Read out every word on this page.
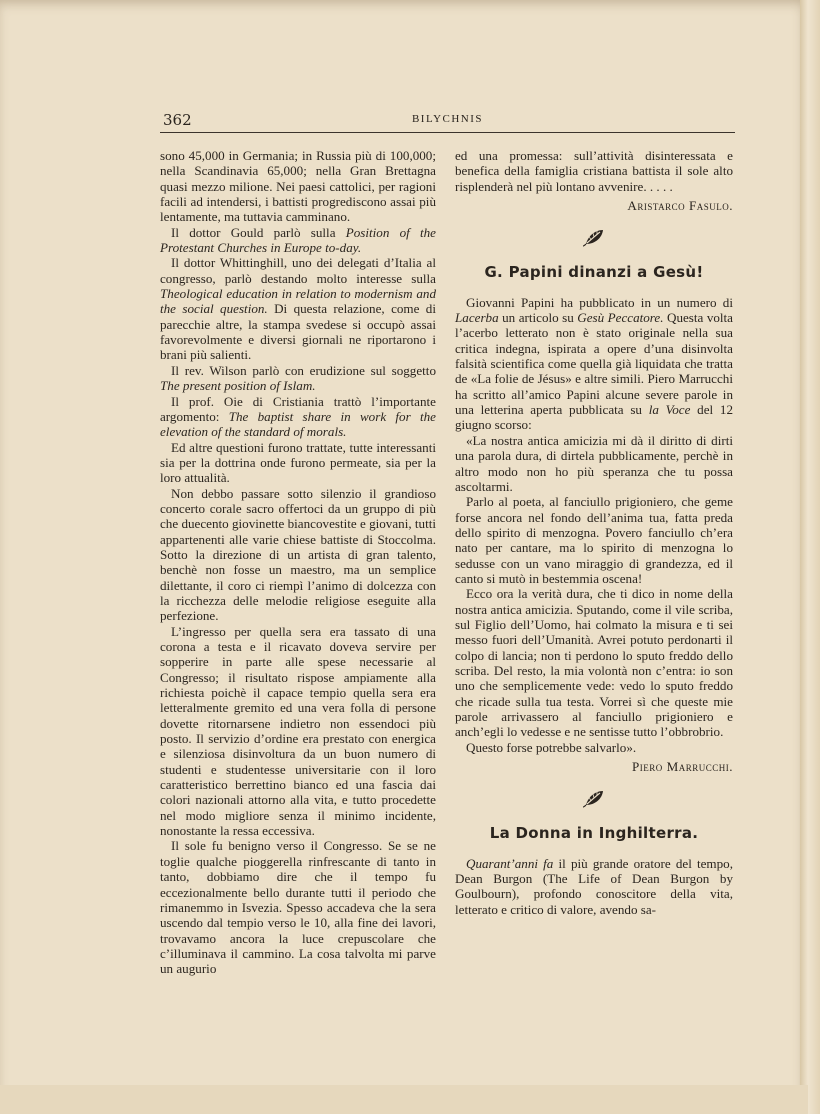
362	BILYCHNIS

sono 45,000 in Germania; in Russia più di 100,000; nella Scandinavia 65,000; nella Gran Brettagna quasi mezzo milione. Nei paesi cattolici, per ragioni facili ad intendersi, i battisti progrediscono assai più lentamente, ma tuttavia camminano.

Il dottor Gould parlò sulla Position of the Protestant Churches in Europe to-day.

Il dottor Whittinghill, uno dei delegati d’Italia al congresso, parlò destando molto interesse sulla Theological education in relation to modernism and the social question. Di questa relazione, come di parecchie altre, la stampa svedese si occupò assai favorevolmente e diversi giornali ne riportarono i brani più salienti.

Il rev. Wilson parlò con erudizione sul soggetto The present position of Islam.

Il prof. Oie di Cristiania trattò l’importante argomento: The baptist share in work for the elevation of the standard of morals.

Ed altre questioni furono trattate, tutte interessanti sia per la dottrina onde furono permeate, sia per la loro attualità.

Non debbo passare sotto silenzio il grandioso concerto corale sacro offertoci da un gruppo di più che duecento giovinette biancovestite e giovani, tutti appartenenti alle varie chiese battiste di Stoccolma. Sotto la direzione di un artista di gran talento, benchè non fosse un maestro, ma un semplice dilettante, il coro ci riempì l’animo di dolcezza con la ricchezza delle melodie religiose eseguite alla perfezione.

L’ingresso per quella sera era tassato di una corona a testa e il ricavato doveva servire per sopperire in parte alle spese necessarie al Congresso; il risultato rispose ampiamente alla richiesta poichè il capace tempio quella sera era letteralmente gremito ed una vera folla di persone dovette ritornarsene indietro non essendoci più posto. Il servizio d’ordine era prestato con energica e silenziosa disinvoltura da un buon numero di studenti e studentesse universitarie con il loro caratteristico berrettino bianco ed una fascia dai colori nazionali attorno alla vita, e tutto procedette nel modo migliore senza il minimo incidente, nonostante la ressa eccessiva.

Il sole fu benigno verso il Congresso. Se se ne toglie qualche pioggerella rinfrescante di tanto in tanto, dobbiamo dire che il tempo fu eccezionalmente bello durante tutti il periodo che rimanemmo in Isvezia. Spesso accadeva che la sera uscendo dal tempio verso le 10, alla fine dei lavori, trovavamo ancora la luce crepuscolare che c’illuminava il cammino. La cosa talvolta mi parve un augurio

ed una promessa: sull’attività disinteressata e benefica della famiglia cristiana battista il sole alto risplenderà nel più lontano avvenire. . . . .

Aristarco Fasulo.

G. Papini dinanzi a Gesù!

Giovanni Papini ha pubblicato in un numero di Lacerba un articolo su Gesù Peccatore. Questa volta l’acerbo letterato non è stato originale nella sua critica indegna, ispirata a opere d’una disinvolta falsità scientifica come quella già liquidata che tratta de «La folie de Jésus» e altre simili. Piero Marrucchi ha scritto all’amico Papini alcune severe parole in una letterina aperta pubblicata su la Voce del 12 giugno scorso:

«La nostra antica amicizia mi dà il diritto di dirti una parola dura, di dirtela pubblicamente, perchè in altro modo non ho più speranza che tu possa ascoltarmi.

Parlo al poeta, al fanciullo prigioniero, che geme forse ancora nel fondo dell’anima tua, fatta preda dello spirito di menzogna. Povero fanciullo ch’era nato per cantare, ma lo spirito di menzogna lo sedusse con un vano miraggio di grandezza, ed il canto si mutò in bestemmia oscena!

Ecco ora la verità dura, che ti dico in nome della nostra antica amicizia. Sputando, come il vile scriba, sul Figlio dell’Uomo, hai colmato la misura e ti sei messo fuori dell’Umanità. Avrei potuto perdonarti il colpo di lancia; non ti perdono lo sputo freddo dello scriba. Del resto, la mia volontà non c’entra: io son uno che semplicemente vede: vedo lo sputo freddo che ricade sulla tua testa. Vorrei sì che queste mie parole arrivassero al fanciullo prigioniero e anch’egli lo vedesse e ne sentisse tutto l’obbrobrio.

Questo forse potrebbe salvarlo».

Piero Marrucchi.

La Donna in Inghilterra.

Quarant’anni fa il più grande oratore del tempo, Dean Burgon (The Life of Dean Burgon by Goulbourn), profondo conoscitore della vita, letterato e critico di valore, avendo sa-
